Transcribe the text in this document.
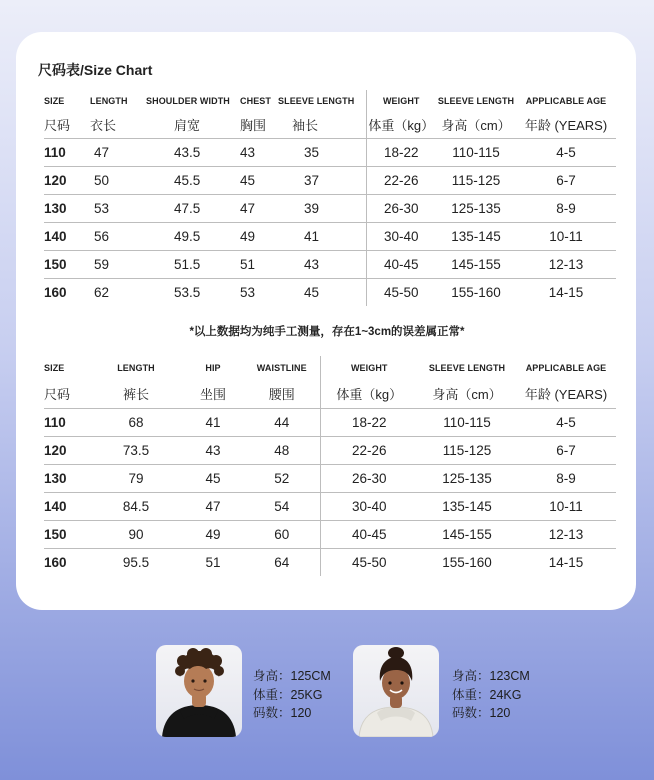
尺码表/Size Chart
SIZE	LENGTH	SHOULDER WIDTH	CHEST	SLEEVE LENGTH	WEIGHT	SLEEVE LENGTH	APPLICABLE AGE
尺码	衣长	肩宽	胸围	袖长	体重（kg）	身高（cm）	年龄 (YEARS)
110	47	43.5	43	35	18-22	110-115	4-5
120	50	45.5	45	37	22-26	115-125	6-7
130	53	47.5	47	39	26-30	125-135	8-9
140	56	49.5	49	41	30-40	135-145	10-11
150	59	51.5	51	43	40-45	145-155	12-13
160	62	53.5	53	45	45-50	155-160	14-15
*以上数据均为纯手工测量，存在1~3cm的误差属正常*
SIZE	LENGTH	HIP	WAISTLINE	WEIGHT	SLEEVE LENGTH	APPLICABLE AGE
尺码	裤长	坐围	腰围	体重（kg）	身高（cm）	年龄 (YEARS)
110	68	41	44	18-22	110-115	4-5
120	73.5	43	48	22-26	115-125	6-7
130	79	45	52	26-30	125-135	8-9
140	84.5	47	54	30-40	135-145	10-11
150	90	49	60	40-45	145-155	12-13
160	95.5	51	64	45-50	155-160	14-15
身高：125CM
体重：25KG
码数：120
身高：123CM
体重：24KG
码数：120
